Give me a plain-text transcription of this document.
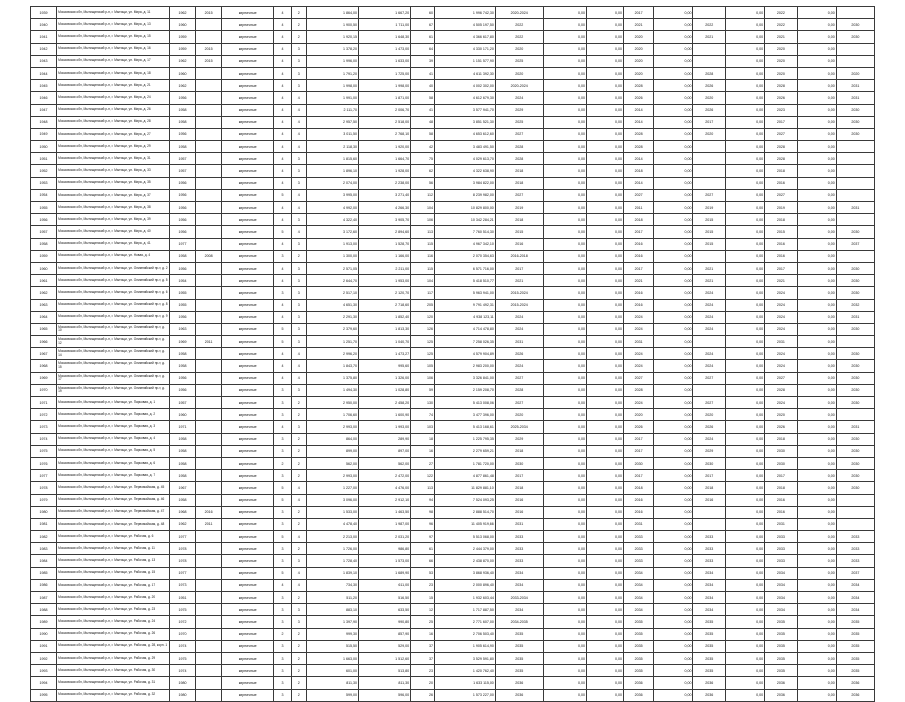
1939	Московская обл, Мытищинский р-н, г. Мытищи, ул. Мира, д. 11	1962	2015	кирпичные	4	2	1 864,00	1 667,20	60	1 996 742,30	2020-2024	0,00	0,00	2017	0,00		0,00	2022	0,00	
1940	Московская обл, Мытищинский р-н, г. Мытищи, ул. Мира, д. 13	1960		кирпичные	4	2	1 900,50	1 711,00	67	4 505 197,50	2022	0,00	0,00	2021	0,00	2022	0,00	2022	0,00	2030
1941	Московская обл, Мытищинский р-н, г. Мытищи, ул. Мира, д. 15	1959		кирпичные	4	2	1 920,15	1 648,30	61	4 366 617,80	2022	0,00	0,00	2020	0,00	2021	0,00	2021	0,00	2030
1942	Московская обл, Мытищинский р-н, г. Мытищи, ул. Мира, д. 16	1959	2015	кирпичные	4	3	1 378,20	1 473,00	64	4 330 171,20	2020	0,00	0,00	2020	0,00		0,00	2020	0,00	
1943	Московская обл, Мытищинский р-н, г. Мытищи, ул. Мира, д. 17	1962	2015	кирпичные	4	3	1 996,00	1 633,00	39	1 151 577,90	2025	0,00	0,00	2020	0,00		0,00	2020	0,00	
1944	Московская обл, Мытищинский р-н, г. Мытищи, ул. Мира, д. 18	1960		кирпичные	4	3	1 791,20	1 725,00	41	4 611 392,30	2020	0,00	0,00	2020	0,00	2028	0,00	2020	0,00	2020
1945	Московская обл, Мытищинский р-н, г. Мытищи, ул. Мира, д. 21	1962		кирпичные	4	3	1 998,00	1 998,00	40	4 002 302,00	2020-2024	0,00	0,00	2028	0,00	2026	0,00	2028	0,00	2031
1946	Московская обл, Мытищинский р-н, г. Мытищи, ул. Мира, д. 24	1956		кирпичные	4	4	1 991,00	1 871,00	58	4 612 679,30	2024	0,00	0,00	2026	0,00	2020	0,00	2026	0,00	2031
1947	Московская обл, Мытищинский р-н, г. Мытищи, ул. Мира, д. 26	1958		кирпичные	4	4	2 111,70	2 006,70	41	3 577 941,70	2029	0,00	0,00	2014	0,00	2026	0,00	2023	0,00	2030
1948	Московская обл, Мытищинский р-н, г. Мытищи, ул. Мира, д. 28	1958		кирпичные	4	4	2 957,50	2 518,00	48	3 851 521,30	2025	0,00	0,00	2014	0,00	2017	0,00	2017	0,00	2030
1949	Московская обл, Мытищинский р-н, г. Мытищи, ул. Мира, д. 27	1956		кирпичные	4	4	3 011,50	2 768,10	58	4 653 612,60	2027	0,00	0,00	2028	0,00	2020	0,00	2027	0,00	2030
1950	Московская обл, Мытищинский р-н, г. Мытищи, ул. Мира, д. 29	1958		кирпичные	4	4	2 118,30	1 920,00	42	3 483 491,50	2028	0,00	0,00	2028	0,00		0,00	2028	0,00	
1951	Московская обл, Мытищинский р-н, г. Мытищи, ул. Мира, д. 31	1957		кирпичные	4	3	1 815,60	1 664,70	75	4 029 613,70	2028	0,00	0,00	2014	0,00		0,00	2028	0,00	
1952	Московская обл, Мытищинский р-н, г. Мытищи, ул. Мира, д. 33	1957		кирпичные	4	3	1 896,10	1 928,00	62	4 322 638,90	2018	0,00	0,00	2018	0,00		0,00	2018	0,00	
1953	Московская обл, Мытищинский р-н, г. Мытищи, ул. Мира, д. 35	1956		кирпичные	4	3	2 074,00	2 238,00	56	3 984 822,00	2018	0,00	0,00	2014	0,00		0,00	2016	0,00	
1954	Московская обл, Мытищинский р-н, г. Мытищи, ул. Мира, д. 37	1956		кирпичные	5	4	3 995,00	3 271,40	112	8 239 982,00	2027	0,00	0,00	2027	0,00	2027	0,00	2027	0,00	
1955	Московская обл, Мытищинский р-н, г. Мытищи, ул. Мира, д. 38	1956		кирпичные	4	4	4 992,00	4 266,30	104	10 829 800,00	2019	0,00	0,00	2011	0,00	2019	0,00	2019	0,00	2031
1956	Московская обл, Мытищинский р-н, г. Мытищи, ул. Мира, д. 39	1956		кирпичные	4	3	4 322,40	3 905,70	106	10 342 284,21	2018	0,00	0,00	2018	0,00	2015	0,00	2018	0,00	
1957	Московская обл, Мытищинский р-н, г. Мытищи, ул. Мира, д. 40	1956		кирпичные	5	4	3 172,60	2 894,60	113	7 760 514,30	2015	0,00	0,00	2017	0,00	2015	0,00	2015	0,00	2030
1958	Московская обл, Мытищинский р-н, г. Мытищи, ул. Мира, д. 41	1977		кирпичные	4	3	1 913,00	1 528,70	115	4 967 342,10	2016	0,00	0,00	2016	0,00	2015	0,00	2016	0,00	2037
1959	Московская обл, Мытищинский р-н, г. Мытищи, ул. Новая, д. 4	1958	2008	кирпичные	3	2	1 300,00	1 166,00	116	2 070 354,63	2016-2018	0,00	0,00	2016	0,00		0,00	2016	0,00	
1960	Московская обл, Мытищинский р-н, г. Мытищи, ул. Олимпийский пр-т, д. 2	1956		кирпичные	4	3	2 571,05	2 211,00	115	6 571 716,00	2017	0,00	0,00	2017	0,00	2021	0,00	2017	0,00	2030
1961	Московская обл, Мытищинский р-н, г. Мытищи, ул. Олимпийский пр-т, д. 5	1954		кирпичные	4	3	2 644,70	1 953,00	104	5 418 510,77	2021	0,00	0,00	2021	0,00	2021	0,00	2021	0,00	2030
1962	Московская обл, Мытищинский р-н, г. Мытищи, ул. Олимпийский пр-т, д. 6	1955		кирпичные	3	3	2 517,10	2 120,70	117	5 963 941,00	2015-2024	0,00	0,00	2016	0,00	2024	0,00	2024	0,00	2030
1963	Московская обл, Мытищинский р-н, г. Мытищи, ул. Олимпийский пр-т, д. 8	1955		кирпичные	4	3	4 651,30	2 718,60	205	9 791 492,31	2015-2024	0,00	0,00	2016	0,00	2024	0,00	2024	0,00	2032
1964	Московская обл, Мытищинский р-н, г. Мытищи, ул. Олимпийский пр-т, д. 9	1956		кирпичные	4	3	2 291,30	1 852,40	120	4 938 123,11	2024	0,00	0,00	2024	0,00	2024	0,00	2024	0,00	2031
1965	Московская обл, Мытищинский р-н, г. Мытищи, ул. Олимпийский пр-т, д. 10	1963		кирпичные	5	3	2 379,60	1 813,30	126	4 714 478,80	2024	0,00	0,00	2024	0,00	2024	0,00	2024	0,00	2030
1966	Московская обл, Мытищинский р-н, г. Мытищи, ул. Олимпийский пр-т, д. 12	1969	2011	кирпичные	5	3	1 251,70	1 040,70	125	7 258 026,35	2031	0,00	0,00	2031	0,00		0,00	2031	0,00	
1967	Московская обл, Мытищинский р-н, г. Мытищи, ул. Олимпийский пр-т, д. 14	1958		кирпичные	4	4	2 996,20	1 473,27	125	4 579 904,89	2026	0,00	0,00	2024	0,00	2024	0,00	2024	0,00	2030
1968	Московская обл, Мытищинский р-н, г. Мытищи, ул. Олимпийский пр-т, д. 15	1958		кирпичные	4	4	1 843,70	995,60	105	2 983 200,00	2024	0,00	0,00	2024	0,00	2024	0,00	2024	0,00	2030
1969	Московская обл, Мытищинский р-н, г. Мытищи, ул. Олимпийский пр-т, д. 17	1956		кирпичные	4	4	1 375,80	1 326,00	106	3 326 841,00	2027	0,00	0,00	2027	0,00	2027	0,00	2027	0,00	2030
1970	Московская обл, Мытищинский р-н, г. Мытищи, ул. Олимпийский пр-т, д. 19	1956		кирпичные	3	3	1 494,30	1 028,80	59	2 159 208,70	2028	0,00	0,00	2028	0,00		0,00	2028	0,00	2030
1971	Московская обл, Мытищинский р-н, г. Мытищи, ул. Парковая, д. 1	1957		кирпичные	3	2	2 950,00	2 458,20	130	5 413 008,06	2027	0,00	0,00	2024	0,00	2027	0,00	2024	0,00	2030
1972	Московская обл, Мытищинский р-н, г. Мытищи, ул. Парковая, д. 2	1960		кирпичные	3	2	1 706,60	1 600,90	74	3 477 396,00	2020	0,00	0,00	2020	0,00	2020	0,00	2020	0,00	
1973	Московская обл, Мытищинский р-н, г. Мытищи, ул. Парковая, д. 3	1971		кирпичные	4	3	2 993,00	1 993,00	103	5 413 168,61	2025-2034	0,00	0,00	2026	0,00	2026	0,00	2026	0,00	2031
1974	Московская обл, Мытищинский р-н, г. Мытищи, ул. Парковая, д. 4	1958		кирпичные	3	2	864,00	289,90	18	1 225 795,35	2029	0,00	0,00	2017	0,00	2024	0,00	2018	0,00	2030
1975	Московская обл, Мытищинский р-н, г. Мытищи, ул. Парковая, д. 5	1958		кирпичные	3	2	899,00	897,00	16	2 279 659,21	2018	0,00	0,00	2017	0,00	2029	0,00	2030	0,00	2030
1976	Московская обл, Мытищинский р-н, г. Мытищи, ул. Парковая, д. 6	1958		кирпичные	2	2	562,00	562,00	27	1 781 720,00	2030	0,00	0,00	2030	0,00	2030	0,00	2030	0,00	2030
1977	Московская обл, Мытищинский р-н, г. Мытищи, ул. Парковая, д. 7	1958		кирпичные	3	2	2 993,00	2 472,00	122	4 877 861,48	2017	0,00	0,00	2017	0,00	2017	0,00	2017	0,00	2030
1978	Московская обл, Мытищинский р-н, г. Мытищи, ул. Первомайская, д. 45	1967		кирпичные	5	4	1 227,00	4 476,00	113	11 829 881,10	2018	0,00	0,00	2018	0,00	2018	0,00	2018	0,00	2030
1979	Московская обл, Мытищинский р-н, г. Мытищи, ул. Первомайская, д. 46	1958		кирпичные	5	4	3 096,00	2 912,10	94	7 524 093,25	2016	0,00	0,00	2016	0,00	2016	0,00	2016	0,00	
1980	Московская обл, Мытищинский р-н, г. Мытищи, ул. Первомайская, д. 47	1968	2016	кирпичные	3	2	1 533,00	1 463,50	98	2 888 514,70	2016	0,00	0,00	2016	0,00		0,00	2016	0,00	
1981	Московская обл, Мытищинский р-н, г. Мытищи, ул. Первомайская, д. 48	1962	2011	кирпичные	3	2	4 478,40	1 987,00	96	11 405 919,66	2031	0,00	0,00	2031	0,00		0,00	2031	0,00	
1982	Московская обл, Мытищинский р-н, г. Мытищи, ул. Рабочая, д. 6	1977		кирпичные	5	4	2 213,00	2 031,20	97	5 513 068,00	2033	0,00	0,00	2033	0,00	2033	0,00	2033	0,00	2033
1983	Московская обл, Мытищинский р-н, г. Мытищи, ул. Рабочая, д. 11	1978		кирпичные	3	2	1 726,00	986,80	61	2 444 379,00	2033	0,00	0,00	2033	0,00	2033	0,00	2033	0,00	2033
1984	Московская обл, Мытищинский р-н, г. Мытищи, ул. Рабочая, д. 13	1978		кирпичные	3	3	1 728,40	1 573,00	66	2 438 870,00	2033	0,00	0,00	2033	0,00	2033	0,00	2033	0,00	2033
1985	Московская обл, Мытищинский р-н, г. Мытищи, ул. Рабочая, д. 15	1977		кирпичные	5	4	1 839,10	1 689,90	53	3 868 936,40	2034	0,00	0,00	2034	0,00	2034	0,00	2034	0,00	2037
1986	Московская обл, Мытищинский р-н, г. Мытищи, ул. Рабочая, д. 17	1973		кирпичные	4	4	734,30	611,00	23	2 000 896,40	2034	0,00	0,00	2034	0,00	2034	0,00	2034	0,00	2034
1987	Московская обл, Мытищинский р-н, г. Мытищи, ул. Рабочая, д. 20	1951		кирпичные	3	2	511,20	516,50	15	1 932 603,44	2033-2034	0,00	0,00	2034	0,00	2034	0,00	2034	0,00	2034
1988	Московская обл, Мытищинский р-н, г. Мытищи, ул. Рабочая, д. 23	1975		кирпичные	3	3	883,10	633,50	12	1 717 887,50	2034	0,00	0,00	2034	0,00	2034	0,00	2034	0,00	2034
1989	Московская обл, Мытищинский р-н, г. Мытищи, ул. Рабочая, д. 24	1972		кирпичные	3	3	1 397,90	990,80	25	2 771 607,00	2034-2035	0,00	0,00	2035	0,00	2035	0,00	2035	0,00	2035
1990	Московская обл, Мытищинский р-н, г. Мытищи, ул. Рабочая, д. 26	1970		кирпичные	2	2	999,30	857,90	16	2 706 503,40	2035	0,00	0,00	2035	0,00	2035	0,00	2035	0,00	2035
1991	Московская обл, Мытищинский р-н, г. Мытищи, ул. Рабочая, д. 28, корп. 1	1974		кирпичные	3	2	515,50	529,00	37	1 905 614,90	2035	0,00	0,00	2035	0,00	2035	0,00	2035	0,00	2035
1992	Московская обл, Мытищинский р-н, г. Мытищи, ул. Рабочая, д. 29	1975		кирпичные	3	2	1 663,00	1 512,60	37	3 529 591,80	2035	0,00	0,00	2035	0,00	2035	0,00	2035	0,00	2035
1993	Московская обл, Мытищинский р-н, г. Мытищи, ул. Рабочая, д. 30	1974		кирпичные	3	2	601,00	513,80	23	1 420 762,40	2035	0,00	0,00	2035	0,00	2035	0,00	2035	0,00	2035
1994	Московская обл, Мытищинский р-н, г. Мытищи, ул. Рабочая, д. 31	1980		кирпичные	3	2	811,30	811,30	20	1 633 115,00	2036	0,00	0,00	2036	0,00	2036	0,00	2036	0,00	2036
1995	Московская обл, Мытищинский р-н, г. Мытищи, ул. Рабочая, д. 32	1980		кирпичные	3	2	599,00	596,00	26	1 573 227,00	2036	0,00	0,00	2036	0,00	2036	0,00	2036	0,00	2036
